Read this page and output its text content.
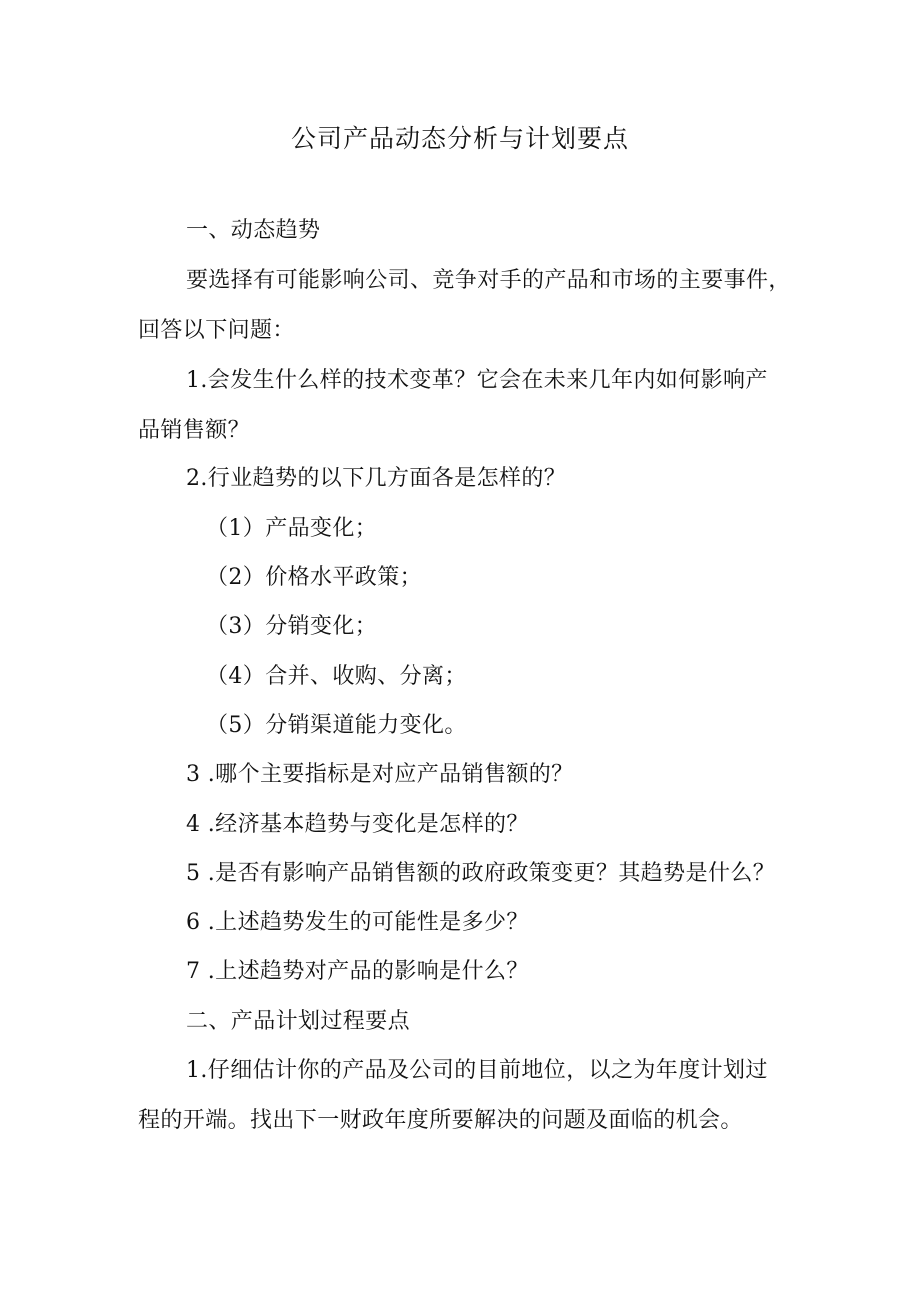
公司产品动态分析与计划要点
一、动态趋势
要选择有可能影响公司、竞争对手的产品和市场的主要事件，
回答以下问题：
1.会发生什么样的技术变革？它会在未来几年内如何影响产
品销售额？
2.行业趋势的以下几方面各是怎样的？
（1）产品变化；
（2）价格水平政策；
（3）分销变化；
（4）合并、收购、分离；
（5）分销渠道能力变化。
3 .哪个主要指标是对应产品销售额的？
4 .经济基本趋势与变化是怎样的？
5 .是否有影响产品销售额的政府政策变更？其趋势是什么？
6 .上述趋势发生的可能性是多少？
7 .上述趋势对产品的影响是什么？
二、产品计划过程要点
1.仔细估计你的产品及公司的目前地位，以之为年度计划过
程的开端。找出下一财政年度所要解决的问题及面临的机会。
